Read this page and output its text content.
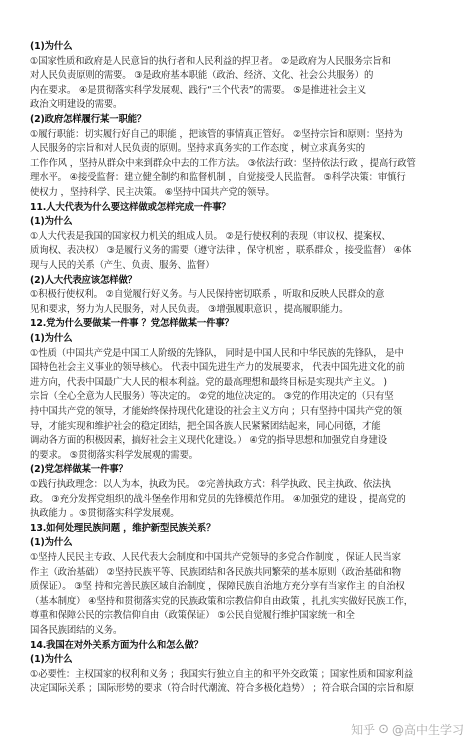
(1)为什么
①国家性质和政府是人民意旨的执行者和人民利益的捍卫者。 ②是政府为人民服务宗旨和
对人民负责原则的需要。 ③是政府基本职能（政治、经济、文化、社会公共服务）的
内在要求。 ④是贯彻落实科学发展观、践行“三个代表”的需要。 ⑤是推进社会主义
政治文明建设的需要。
(2)政府怎样履行某一职能？
①履行职能：切实履行好自己的职能 ，把该管的事情真正管好。 ②坚持宗旨和原则：坚持为
人民服务的宗旨和对人民负责的原则。坚持求真务实的工作态度 ，树立求真务实的
工作作风 ，坚持从群众中来到群众中去的工作方法。 ③依法行政：坚持依法行政 ，提高行政管
理水平。 ④接受监督：建立健全制约和监督机制 ，自觉接受人民监督。 ⑤科学决策：审慎行
使权力 ，坚持科学、民主决策。 ⑥坚持中国共产党的领导。
11.人大代表为什么要这样做或怎样完成一件事？
(1)为什么
①人大代表是我国的国家权力机关的组成人员。 ②是行使权利的表现（审议权、提案权、
质询权、表决权） ③是履行义务的需要（遵守法律 ，保守机密 ，联系群众 ，接受监督） ④体
现与人民的关系（产生、负责、服务、监督）
(2)人大代表应该怎样做？
①积极行使权利。 ②自觉履行好义务。与人民保持密切联系 ，听取和反映人民群众的意
见和要求，努力为人民服务，对人民负责。 ③增强履职意识 ，提高履职能力。
12.党为什么要做某一件事 ？党怎样做某一件事？
(1)为什么
①性质（中国共产党是中国工人阶级的先锋队， 同时是中国人民和中华民族的先锋队， 是中
国特色社会主义事业的领导核心。 代表中国先进生产力的发展要求， 代表中国先进文化的前
进方向，代表中国最广大人民的根本利益。党的最高理想和最终目标是实现共产主义。 )
宗旨（全心全意为人民服务）等决定的。 ②党的地位决定的。 ③党的作用决定的（只有坚
持中国共产党的领导，才能始终保持现代化建设的社会主义方向 ；只有坚持中国共产党的领
导，才能实现和维护社会的稳定团结，把全国各族人民紧紧团结起来，同心同德，才能
调动各方面的积极因素，搞好社会主义现代化建设。） ④党的指导思想和加强党自身建设
的要求。 ⑤贯彻落实科学发展观的需要。
(2)党怎样做某一件事？
①践行执政理念：以人为本，执政为民。 ②完善执政方式：科学执政、民主执政、依法执
政。 ③充分发挥党组织的战斗堡垒作用和党员的先锋模范作用。 ④加强党的建设 ，提高党的
执政能力 。⑤贯彻落实科学发展观。
13.如何处理民族问题 ，维护新型民族关系？
(1)为什么
①坚持人民民主专政、人民代表大会制度和中国共产党领导的多党合作制度 ，保证人民当家
作主（政治基础） ②坚持民族平等、民族团结和各民族共同繁荣的基本原则（政治基础和物
质保证）。 ③坚 持和完善民族区域自治制度 ，保障民族自治地方充分享有当家作主 的自治权
（基本制度） ④坚持和贯彻落实党的民族政策和宗教信仰自由政策 ，扎扎实实做好民族工作，
尊重和保障公民的宗教信仰自由（政策保证） ⑤公民自觉履行维护国家统一和全
国各民族团结的义务。
14.我国在对外关系方面为什么和怎么做？
(1)为什么
①必要性：主权国家的权利和义务 ；我国实行独立自主的和平外交政策 ；国家性质和国家利益
决定国际关系 ；国际形势的要求（符合时代潮流、符合多极化趋势） ；符合联合国的宗旨和原
知乎 ⊙ @高中生学习
